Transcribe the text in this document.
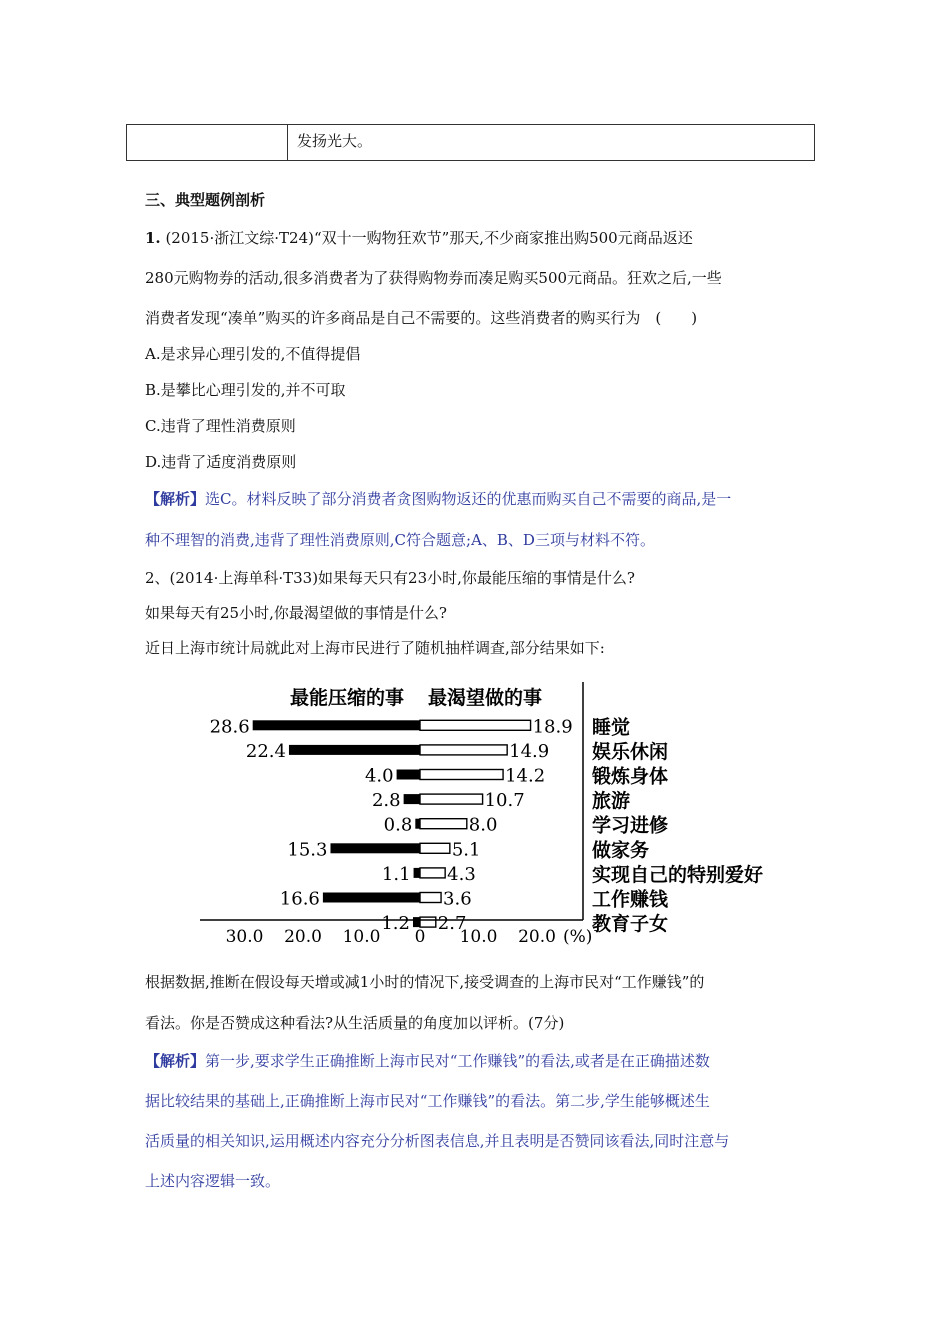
发扬光大。
三、典型题例剖析
1. (2015·浙江文综·T24)“双十一购物狂欢节”那天,不少商家推出购500元商品返还
280元购物券的活动,很多消费者为了获得购物券而凑足购买500元商品。狂欢之后,一些
消费者发现“凑单”购买的许多商品是自己不需要的。这些消费者的购买行为　(　　)
A.是求异心理引发的,不值得提倡
B.是攀比心理引发的,并不可取
C.违背了理性消费原则
D.违背了适度消费原则
【解析】选C。材料反映了部分消费者贪图购物返还的优惠而购买自己不需要的商品,是一
种不理智的消费,违背了理性消费原则,C符合题意;A、B、D三项与材料不符。
2、(2014·上海单科·T33)如果每天只有23小时,你最能压缩的事情是什么?
如果每天有25小时,你最渴望做的事情是什么?
近日上海市统计局就此对上海市民进行了随机抽样调查,部分结果如下:
最能压缩的事 最渴望做的事
28.6	18.9
22.4	14.9
4.0	14.2
2.8	10.7
0.8	8.0
15.3	5.1
1.1 4.3
16.6	3.6
1.2 2.7
睡觉
娱乐休闲
锻炼身体
旅游
学习进修
做家务
实现自己的特别爱好
工作赚钱
教育子女
30.0 20.0 10.0 0 10.0 20.0 (%)
根据数据,推断在假设每天增或减1小时的情况下,接受调查的上海市民对“工作赚钱”的
看法。你是否赞成这种看法?从生活质量的角度加以评析。(7分)
【解析】第一步,要求学生正确推断上海市民对“工作赚钱”的看法,或者是在正确描述数
据比较结果的基础上,正确推断上海市民对“工作赚钱”的看法。第二步,学生能够概述生
活质量的相关知识,运用概述内容充分分析图表信息,并且表明是否赞同该看法,同时注意与
上述内容逻辑一致。
